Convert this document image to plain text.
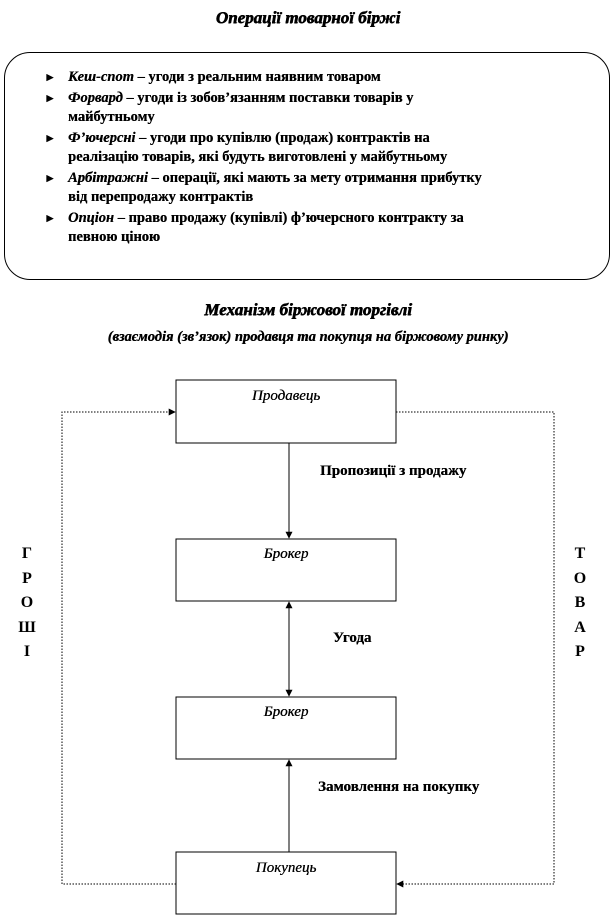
Операції товарної біржі
► Кеш-спот – угоди з реальним наявним товаром
► Форвард – угоди із зобов’язанням поставки товарів у
майбутньому
► Ф’ючерсні – угоди про купівлю (продаж) контрактів на
реалізацію товарів, які будуть виготовлені у майбутньому
► Арбітражні – операції, які мають за мету отримання прибутку
від перепродажу контрактів
► Опціон – право продажу (купівлі) ф’ючерсного контракту за
певною ціною
Механізм біржової торгівлі
(взаємодія (зв’язок) продавця та покупця на біржовому ринку)
Продавець
Брокер
Брокер
Покупець
Пропозиції з продажу
Угода
Замовлення на покупку
Г
Р
О
Ш
І
Т
О
В
А
Р
